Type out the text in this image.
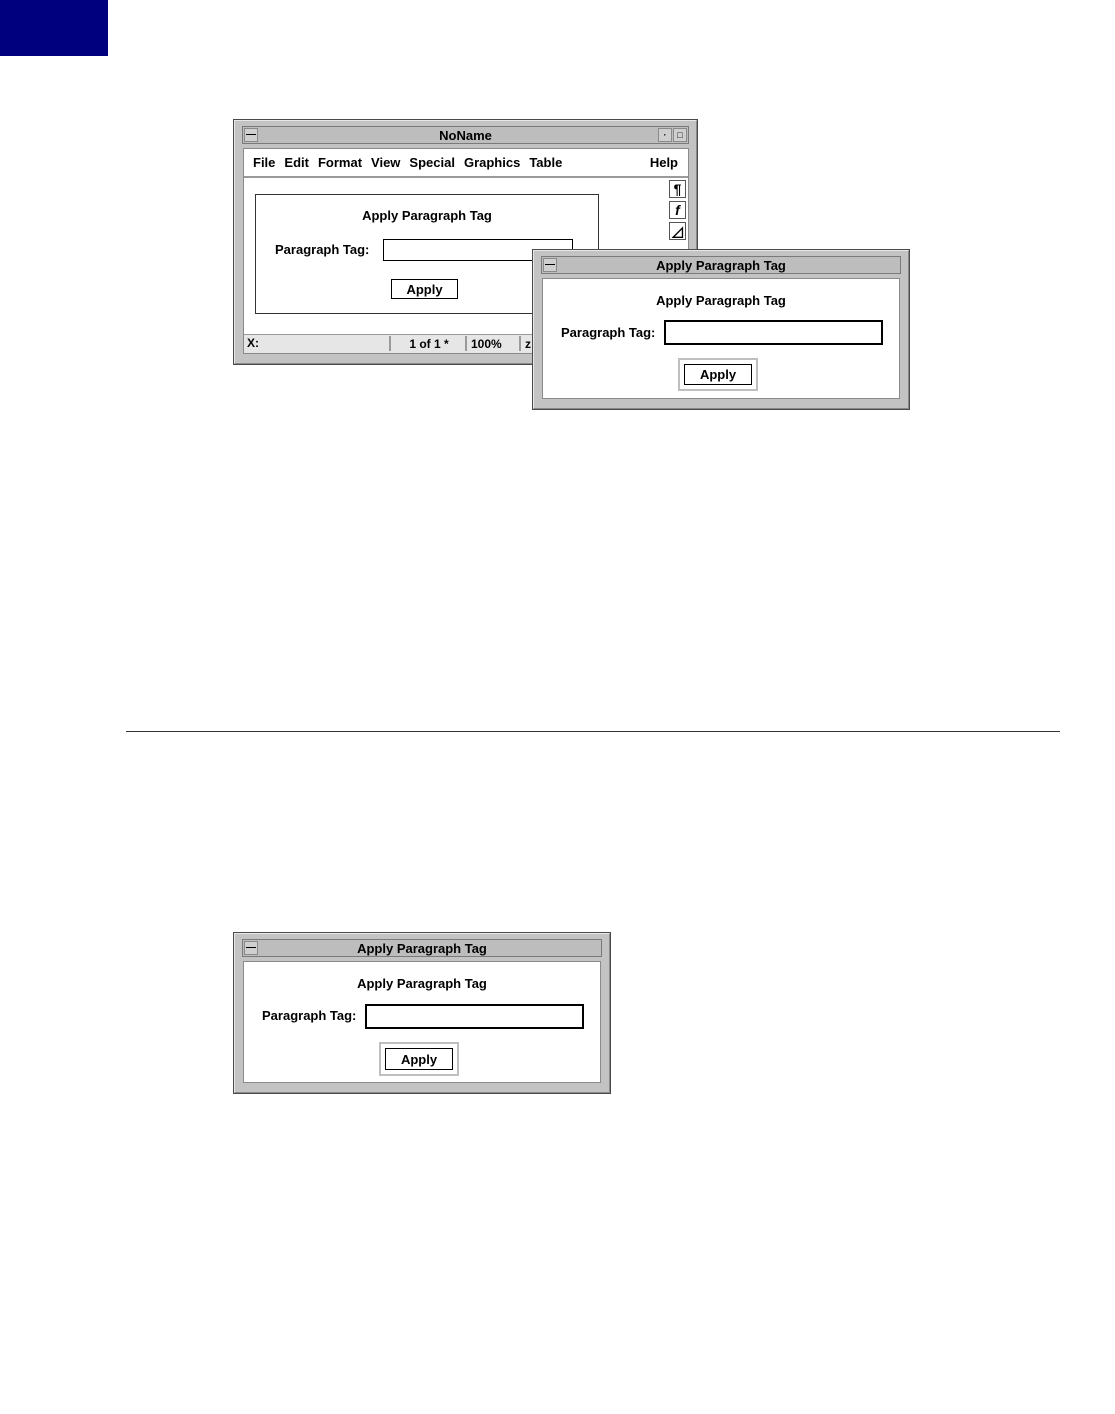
—	NoName	·	□
File Edit Format View Special Graphics Table	Help
Apply Paragraph Tag
Paragraph Tag:
Apply
¶
f
◿
X:	1 of 1 *	100%	z
—	Apply Paragraph Tag
Apply Paragraph Tag
Paragraph Tag:
Apply
—	Apply Paragraph Tag
Apply Paragraph Tag
Paragraph Tag:
Apply
